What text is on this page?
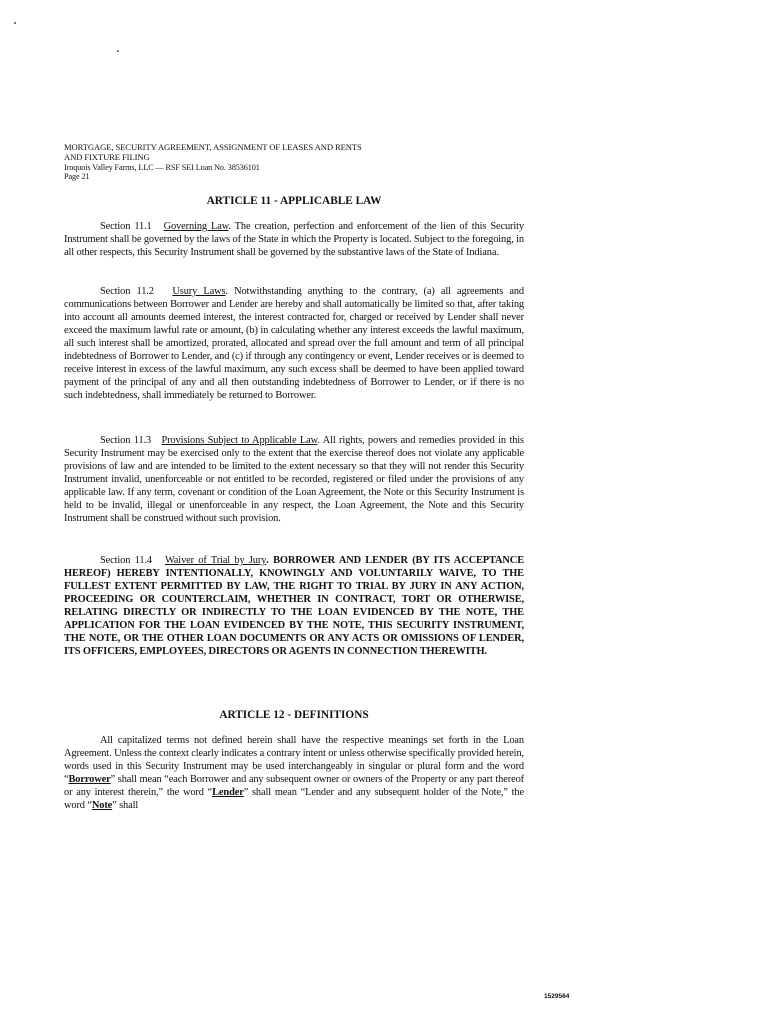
MORTGAGE, SECURITY AGREEMENT, ASSIGNMENT OF LEASES AND RENTS
AND FIXTURE FILING
Iroquois Valley Farms, LLC — RSF SEI Loan No. 38536101
Page 21
ARTICLE 11 - APPLICABLE LAW
Section 11.1 Governing Law. The creation, perfection and enforcement of the lien of this Security Instrument shall be governed by the laws of the State in which the Property is located. Subject to the foregoing, in all other respects, this Security Instrument shall be governed by the substantive laws of the State of Indiana.
Section 11.2 Usury Laws. Notwithstanding anything to the contrary, (a) all agreements and communications between Borrower and Lender are hereby and shall automatically be limited so that, after taking into account all amounts deemed interest, the interest contracted for, charged or received by Lender shall never exceed the maximum lawful rate or amount, (b) in calculating whether any interest exceeds the lawful maximum, all such interest shall be amortized, prorated, allocated and spread over the full amount and term of all principal indebtedness of Borrower to Lender, and (c) if through any contingency or event, Lender receives or is deemed to receive interest in excess of the lawful maximum, any such excess shall be deemed to have been applied toward payment of the principal of any and all then outstanding indebtedness of Borrower to Lender, or if there is no such indebtedness, shall immediately be returned to Borrower.
Section 11.3 Provisions Subject to Applicable Law. All rights, powers and remedies provided in this Security Instrument may be exercised only to the extent that the exercise thereof does not violate any applicable provisions of law and are intended to be limited to the extent necessary so that they will not render this Security Instrument invalid, unenforceable or not entitled to be recorded, registered or filed under the provisions of any applicable law. If any term, covenant or condition of the Loan Agreement, the Note or this Security Instrument is held to be invalid, illegal or unenforceable in any respect, the Loan Agreement, the Note and this Security Instrument shall be construed without such provision.
Section 11.4 Waiver of Trial by Jury. BORROWER AND LENDER (BY ITS ACCEPTANCE HEREOF) HEREBY INTENTIONALLY, KNOWINGLY AND VOLUNTARILY WAIVE, TO THE FULLEST EXTENT PERMITTED BY LAW, THE RIGHT TO TRIAL BY JURY IN ANY ACTION, PROCEEDING OR COUNTERCLAIM, WHETHER IN CONTRACT, TORT OR OTHERWISE, RELATING DIRECTLY OR INDIRECTLY TO THE LOAN EVIDENCED BY THE NOTE, THE APPLICATION FOR THE LOAN EVIDENCED BY THE NOTE, THIS SECURITY INSTRUMENT, THE NOTE, OR THE OTHER LOAN DOCUMENTS OR ANY ACTS OR OMISSIONS OF LENDER, ITS OFFICERS, EMPLOYEES, DIRECTORS OR AGENTS IN CONNECTION THEREWITH.
ARTICLE 12 - DEFINITIONS
All capitalized terms not defined herein shall have the respective meanings set forth in the Loan Agreement. Unless the context clearly indicates a contrary intent or unless otherwise specifically provided herein, words used in this Security Instrument may be used interchangeably in singular or plural form and the word “Borrower” shall mean “each Borrower and any subsequent owner or owners of the Property or any part thereof or any interest therein,” the word “Lender” shall mean “Lender and any subsequent holder of the Note,” the word “Note” shall
1529564
